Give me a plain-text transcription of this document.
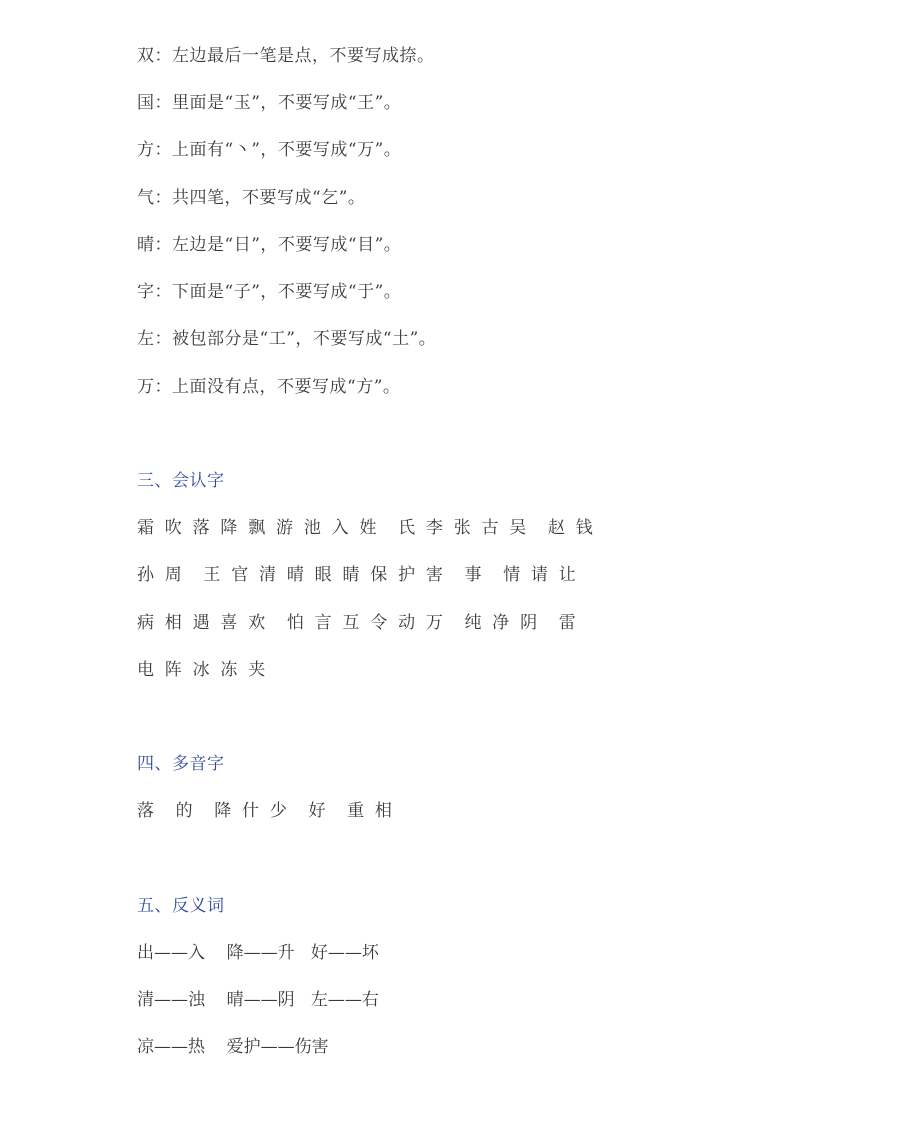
双：左边最后一笔是点，不要写成捺。
国：里面是“玉”，不要写成“王”。
方：上面有“丶”，不要写成“万”。
气：共四笔，不要写成“乞”。
晴：左边是“日”，不要写成“目”。
字：下面是“子”，不要写成“于”。
左：被包部分是“工”，不要写成“土”。
万：上面没有点，不要写成“方”。
三、会认字
霜  吹  落  降  飘  游  池  入  姓    氏  李  张  古  吴    赵  钱
孙  周    王  官  清  晴  眼  睛  保  护  害    事    情  请  让
病  相  遇  喜  欢    怕  言  互  令  动  万    纯  净  阴    雷
电  阵  冰  冻  夹
四、多音字
落    的    降  什  少    好    重  相
五、反义词
出——入    降——升   好——坏
清——浊    晴——阴   左——右
凉——热    爱护——伤害
